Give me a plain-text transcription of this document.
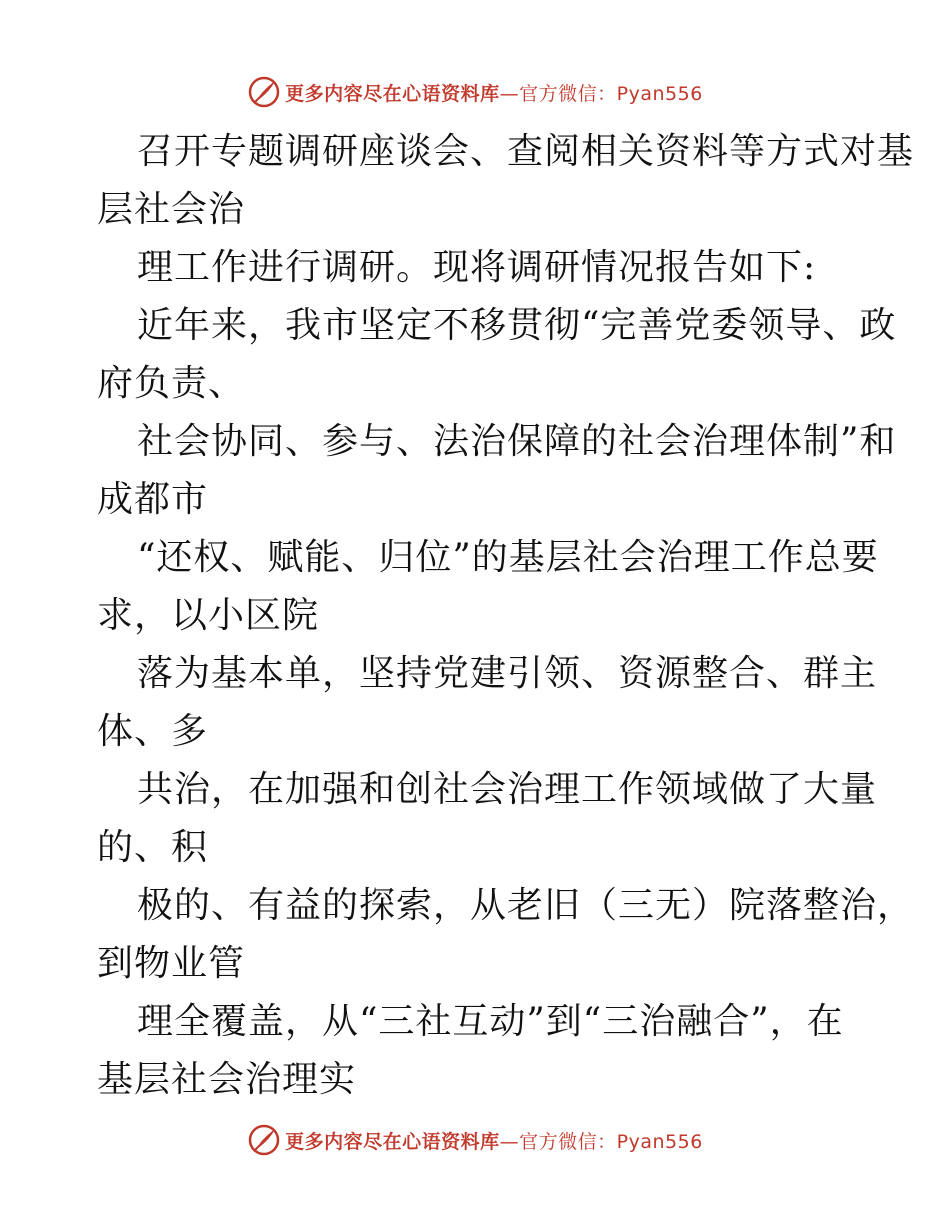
更多内容尽在心语资料库—官方微信：Pyan556
召开专题调研座谈会、查阅相关资料等方式对基
层社会治
理工作进行调研。现将调研情况报告如下:
近年来，我市坚定不移贯彻“完善党委领导、政
府负责、
社会协同、参与、法治保障的社会治理体制”和
成都市
“还权、赋能、归位”的基层社会治理工作总要
求，以小区院
落为基本单，坚持党建引领、资源整合、群主
体、多
共治，在加强和创社会治理工作领域做了大量
的、积
极的、有益的探索，从老旧（三无）院落整治，
到物业管
理全覆盖，从“三社互动”到“三治融合”，在
基层社会治理实
更多内容尽在心语资料库—官方微信：Pyan556
